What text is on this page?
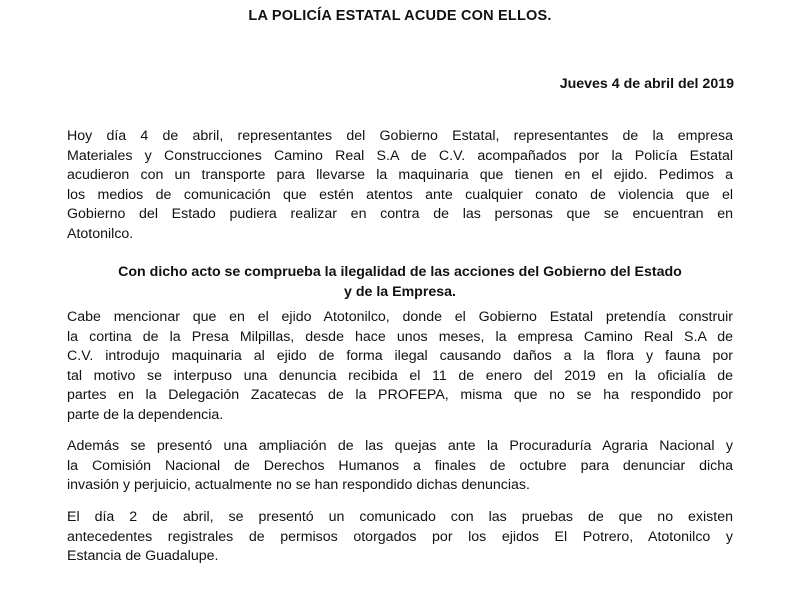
LA POLICÍA ESTATAL ACUDE CON ELLOS.

Jueves 4 de abril del 2019

Hoy día 4 de abril, representantes del Gobierno Estatal, representantes de la empresa
Materiales y Construcciones Camino Real S.A de C.V. acompañados por la Policía Estatal
acudieron con un transporte para llevarse la maquinaria que tienen en el ejido. Pedimos a
los medios de comunicación que estén atentos ante cualquier conato de violencia que el
Gobierno del Estado pudiera realizar en contra de las personas que se encuentran en
Atotonilco.

Con dicho acto se comprueba la ilegalidad de las acciones del Gobierno del Estado
y de la Empresa.

Cabe mencionar que en el ejido Atotonilco, donde el Gobierno Estatal pretendía construir
la cortina de la Presa Milpillas, desde hace unos meses, la empresa Camino Real S.A de
C.V. introdujo maquinaria al ejido de forma ilegal causando daños a la flora y fauna por
tal motivo se interpuso una denuncia recibida el 11 de enero del 2019 en la oficialía de
partes en la Delegación Zacatecas de la PROFEPA, misma que no se ha respondido por
parte de la dependencia.

Además se presentó una ampliación de las quejas ante la Procuraduría Agraria Nacional y
la Comisión Nacional de Derechos Humanos a finales de octubre para denunciar dicha
invasión y perjuicio, actualmente no se han respondido dichas denuncias.

El día 2 de abril, se presentó un comunicado con las pruebas de que no existen
antecedentes registrales de permisos otorgados por los ejidos El Potrero, Atotonilco y
Estancia de Guadalupe.
